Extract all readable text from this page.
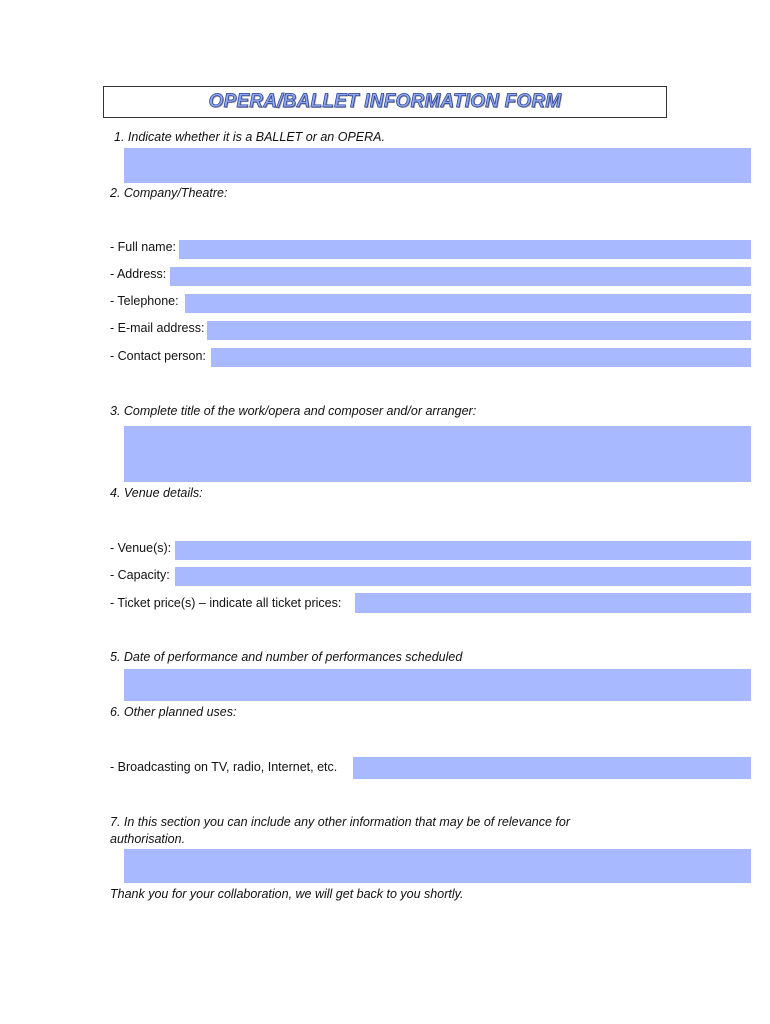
OPERA/BALLET INFORMATION FORM
1. Indicate whether it is a BALLET or an OPERA.
2. Company/Theatre:
- Full name:
- Address:
- Telephone:
- E-mail address:
- Contact person:
3. Complete title of the work/opera and composer and/or arranger:
4. Venue details:
- Venue(s):
- Capacity:
- Ticket price(s) – indicate all ticket prices:
5. Date of performance and number of performances scheduled
6. Other planned uses:
- Broadcasting on TV, radio, Internet, etc.
7. In this section you can include any other information that may be of relevance for
authorisation.
Thank you for your collaboration, we will get back to you shortly.
